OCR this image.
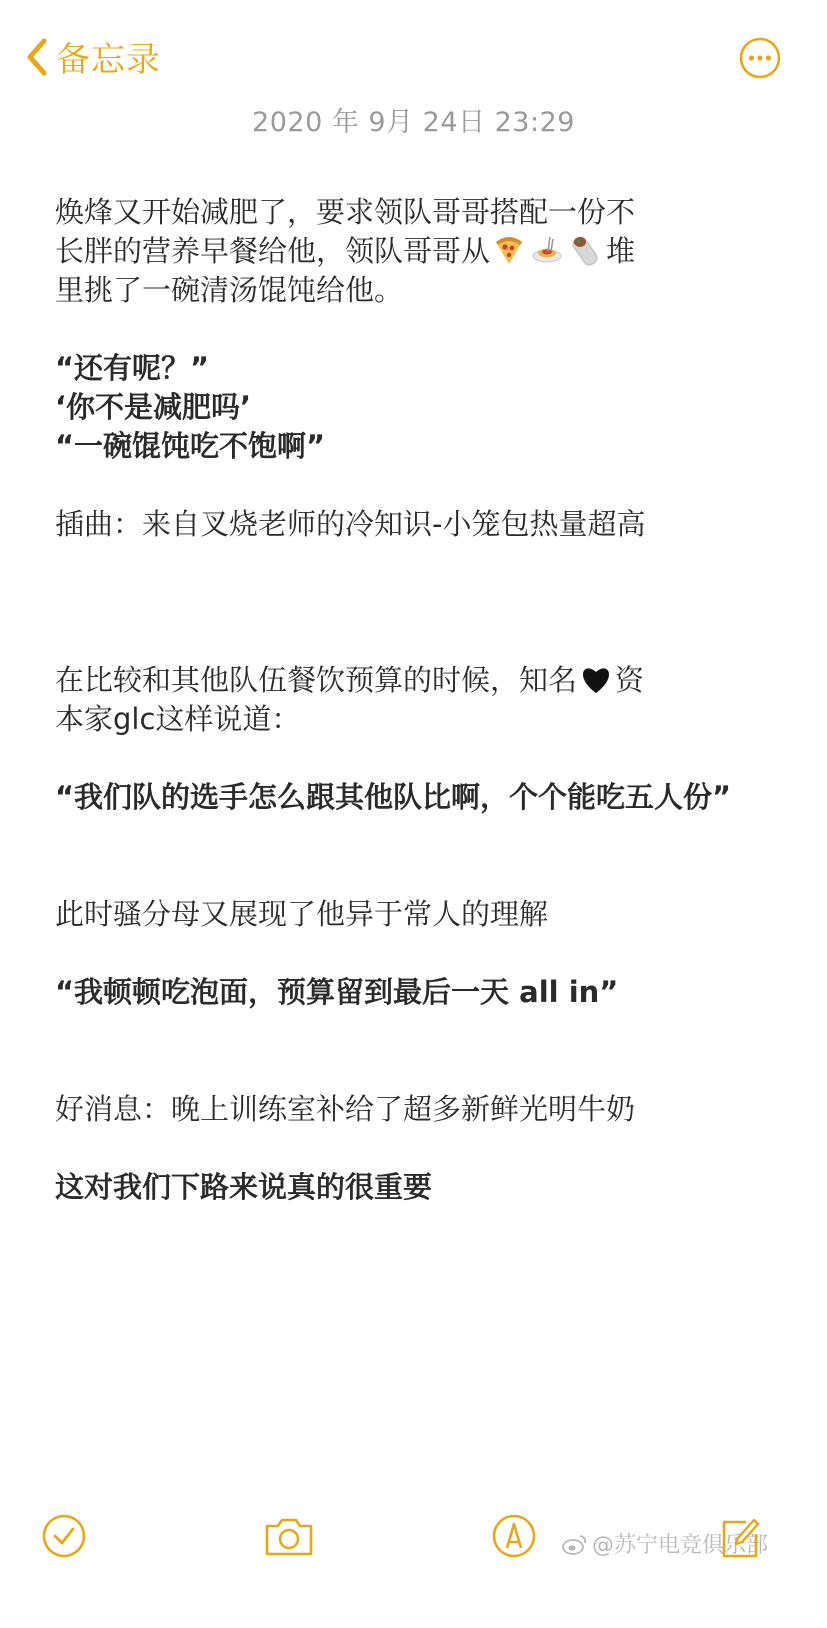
备忘录
2020 年 9月 24日 23:29

焕烽又开始减肥了，要求领队哥哥搭配一份不
长胖的营养早餐给他，领队哥哥从	堆
里挑了一碗清汤馄饨给他。

“还有呢？”

‘你不是减肥吗’

“一碗馄饨吃不饱啊”

插曲：来自叉烧老师的冷知识-小笼包热量超高

在比较和其他队伍餐饮预算的时候，知名 资
本家glc这样说道：

“我们队的选手怎么跟其他队比啊，个个能吃五人份”

此时骚分母又展现了他异于常人的理解

“我顿顿吃泡面，预算留到最后一天 all in”

好消息：晚上训练室补给了超多新鲜光明牛奶

这对我们下路来说真的很重要

@苏宁电竞俱乐部
